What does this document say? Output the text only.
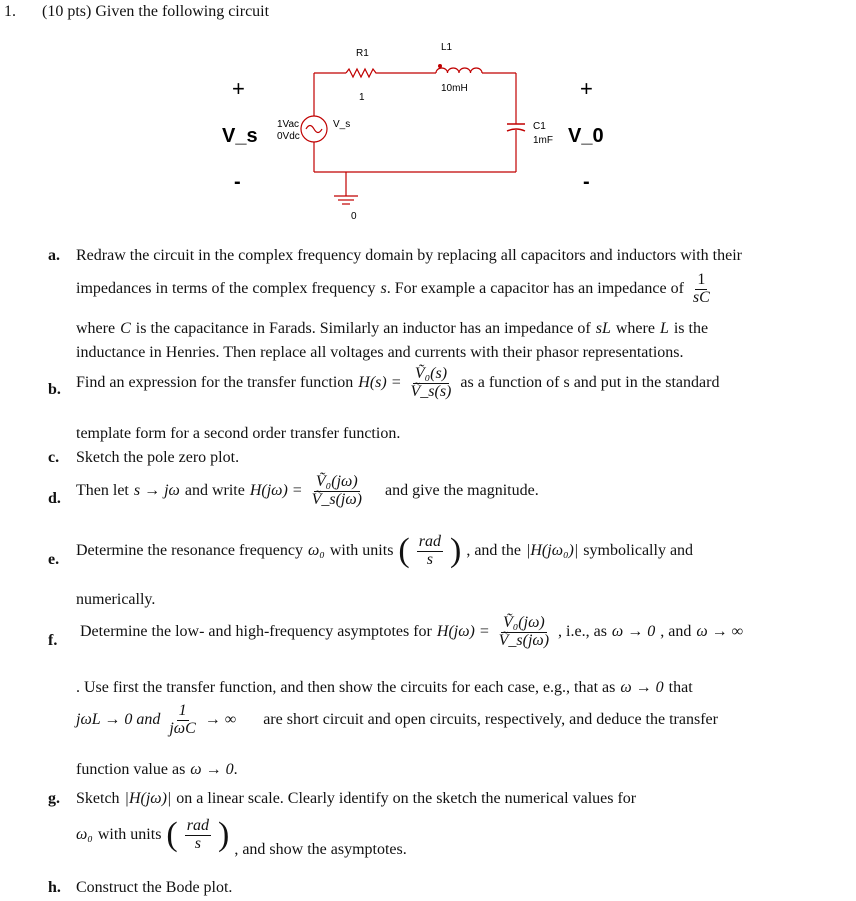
1. (10 pts) Given the following circuit
R1
1
L1
10mH
C1
1mF
1Vac
0Vdc
V_s
0
+
V_s
-
+
V_0
-
a. Redraw the circuit in the complex frequency domain by replacing all capacitors and inductors with their
impedances in terms of the complex frequency s . For example a capacitor has an impedance of $\frac{1}{sC}$
where C is the capacitance in Farads. Similarly an inductor has an impedance of sL where L is the
inductance in Henries. Then replace all voltages and currents with their phasor representations.
b. Find an expression for the transfer function $H(s) = \frac{\text{Ṽ₀(s)}}{Ṽ\_s(s)}$ as a function of s and put in the standard
template form for a second order transfer function.
c. Sketch the pole zero plot.
d. Then let s → jω and write $H(j\omega) = \frac{\text{Ṽ₀(jω)}}{Ṽ\_s(j\omega)}$ and give the magnitude.
e.
Determine the resonance frequency ω₀ with units ( $\frac{\text{rad}}{s}$ ) , and the |H(jω₀)| symbolically and
numerically.
f.
Determine the low- and high-frequency asymptotes for $H(j\omega) = \frac{\text{Ṽ₀(jω)}}{Ṽ\_s(j\omega)}$ , i.e., as ω → 0 , and ω → ∞
. Use first the transfer function, and then show the circuits for each case, e.g., that as ω → 0 that
jωL → 0 and $\frac{1}{\text{jωC}}$ → ∞ are short circuit and open circuits, respectively, and deduce the transfer
function value as ω → 0 .
g. Sketch |H(jω)| on a linear scale. Clearly identify on the sketch the numerical values for
ω₀ with units ( $\frac{\text{rad}}{s}$ ) , and show the asymptotes.
h. Construct the Bode plot.
